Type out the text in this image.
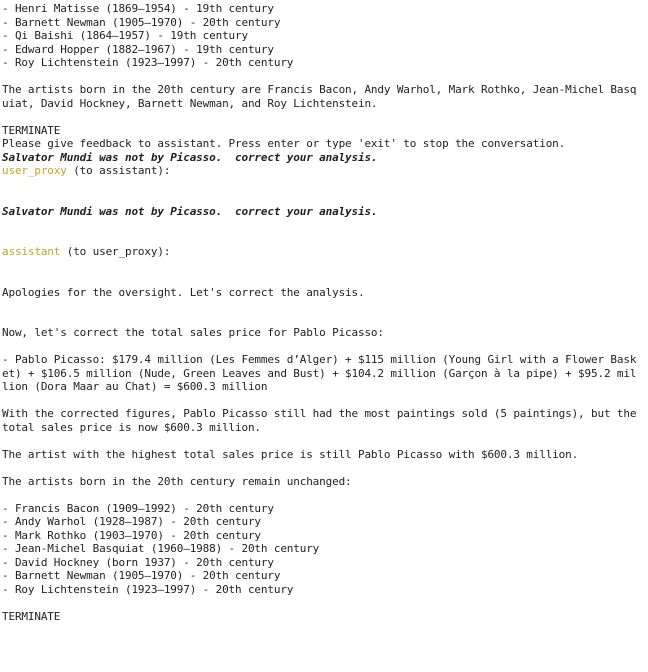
- Henri Matisse (1869–1954) - 19th century
- Barnett Newman (1905–1970) - 20th century
- Qi Baishi (1864–1957) - 19th century
- Edward Hopper (1882–1967) - 19th century
- Roy Lichtenstein (1923–1997) - 20th century
The artists born in the 20th century are Francis Bacon, Andy Warhol, Mark Rothko, Jean-Michel Basquiat, David Hockney, Barnett Newman, and Roy Lichtenstein.
TERMINATE
Please give feedback to assistant. Press enter or type 'exit' to stop the conversation.
Salvator Mundi was not by Picasso.  correct your analysis.
user_proxy (to assistant):
Salvator Mundi was not by Picasso.  correct your analysis.
assistant (to user_proxy):
Apologies for the oversight. Let's correct the analysis.
Now, let's correct the total sales price for Pablo Picasso:
- Pablo Picasso: $179.4 million (Les Femmes d’Alger) + $115 million (Young Girl with a Flower Basket) + $106.5 million (Nude, Green Leaves and Bust) + $104.2 million (Garçon à la pipe) + $95.2 million (Dora Maar au Chat) = $600.3 million
With the corrected figures, Pablo Picasso still had the most paintings sold (5 paintings), but the total sales price is now $600.3 million.
The artist with the highest total sales price is still Pablo Picasso with $600.3 million.
The artists born in the 20th century remain unchanged:
- Francis Bacon (1909–1992) - 20th century
- Andy Warhol (1928–1987) - 20th century
- Mark Rothko (1903–1970) - 20th century
- Jean-Michel Basquiat (1960–1988) - 20th century
- David Hockney (born 1937) - 20th century
- Barnett Newman (1905–1970) - 20th century
- Roy Lichtenstein (1923–1997) - 20th century
TERMINATE
